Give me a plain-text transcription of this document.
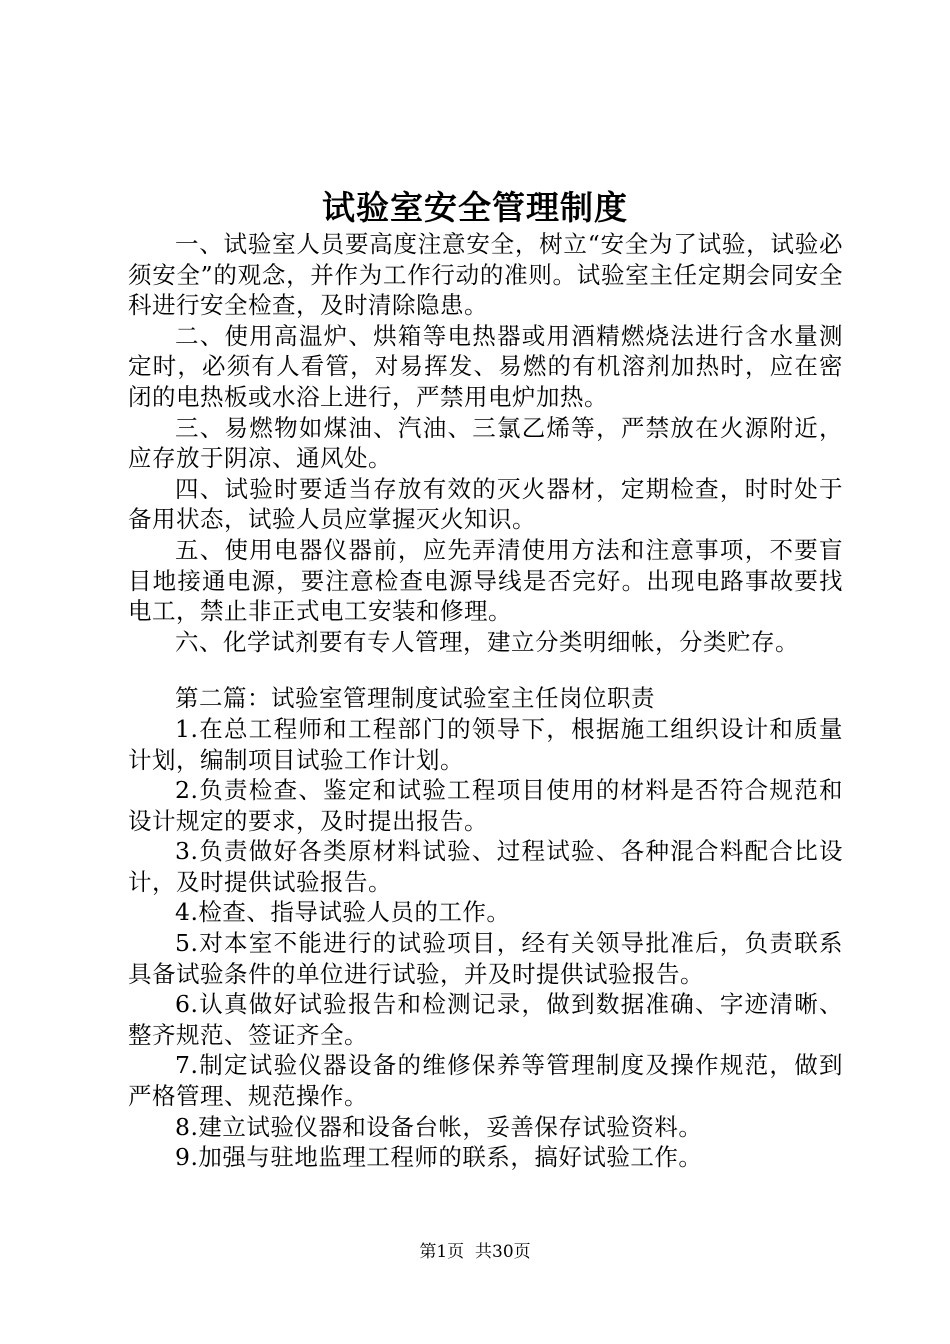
试验室安全管理制度

一、试验室人员要高度注意安全，树立“安全为了试验，试验必须安全”的观念，并作为工作行动的准则。试验室主任定期会同安全科进行安全检查，及时清除隐患。

二、使用高温炉、烘箱等电热器或用酒精燃烧法进行含水量测定时，必须有人看管，对易挥发、易燃的有机溶剂加热时，应在密闭的电热板或水浴上进行，严禁用电炉加热。

三、易燃物如煤油、汽油、三氯乙烯等，严禁放在火源附近，应存放于阴凉、通风处。

四、试验时要适当存放有效的灭火器材，定期检查，时时处于备用状态，试验人员应掌握灭火知识。

五、使用电器仪器前，应先弄清使用方法和注意事项，不要盲目地接通电源，要注意检查电源导线是否完好。出现电路事故要找电工，禁止非正式电工安装和修理。

六、化学试剂要有专人管理，建立分类明细帐，分类贮存。

第二篇：试验室管理制度试验室主任岗位职责

1.在总工程师和工程部门的领导下，根据施工组织设计和质量计划，编制项目试验工作计划。

2.负责检查、鉴定和试验工程项目使用的材料是否符合规范和设计规定的要求，及时提出报告。

3.负责做好各类原材料试验、过程试验、各种混合料配合比设计，及时提供试验报告。

4.检查、指导试验人员的工作。

5.对本室不能进行的试验项目，经有关领导批准后，负责联系具备试验条件的单位进行试验，并及时提供试验报告。

6.认真做好试验报告和检测记录，做到数据准确、字迹清晰、整齐规范、签证齐全。

7.制定试验仪器设备的维修保养等管理制度及操作规范，做到严格管理、规范操作。

8.建立试验仪器和设备台帐，妥善保存试验资料。

9.加强与驻地监理工程师的联系，搞好试验工作。

第1页 共30页
